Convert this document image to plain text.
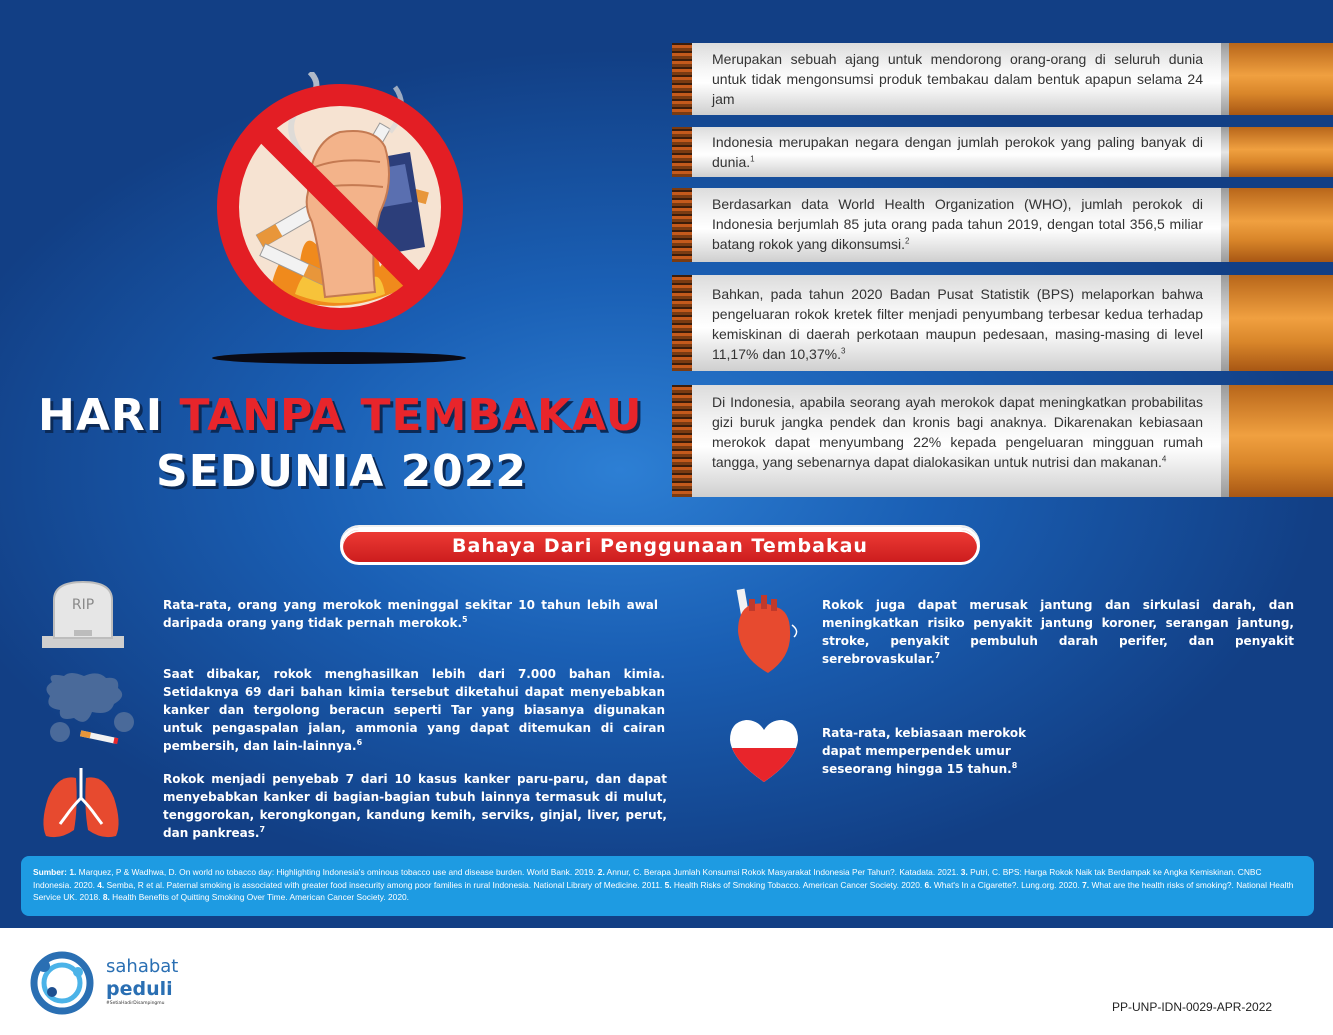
HARI TANPA TEMBAKAU
SEDUNIA 2022
Merupakan sebuah ajang untuk mendorong orang-orang di seluruh dunia untuk tidak mengonsumsi produk tembakau dalam bentuk apapun selama 24 jam
Indonesia merupakan negara dengan jumlah perokok yang paling banyak di dunia.$^1$
Berdasarkan data World Health Organization (WHO), jumlah perokok di Indonesia berjumlah 85 juta orang pada tahun 2019, dengan total 356,5 miliar batang rokok yang dikonsumsi.$^2$
Bahkan, pada tahun 2020 Badan Pusat Statistik (BPS) melaporkan bahwa pengeluaran rokok kretek filter menjadi penyumbang terbesar kedua terhadap kemiskinan di daerah perkotaan maupun pedesaan, masing-masing di level 11,17% dan 10,37%.$^3$
Di Indonesia, apabila seorang ayah merokok dapat meningkatkan probabilitas gizi buruk jangka pendek dan kronis bagi anaknya. Dikarenakan kebiasaan merokok dapat menyumbang 22% kepada pengeluaran mingguan rumah tangga, yang sebenarnya dapat dialokasikan untuk nutrisi dan makanan.$^4$
Bahaya Dari Penggunaan Tembakau
RIP	Rata-rata, orang yang merokok meninggal sekitar 10 tahun lebih awal daripada orang yang tidak pernah merokok.$^5$
Saat dibakar, rokok menghasilkan lebih dari 7.000 bahan kimia. Setidaknya 69 dari bahan kimia tersebut diketahui dapat menyebabkan kanker dan tergolong beracun seperti Tar yang biasanya digunakan untuk pengaspalan jalan, ammonia yang dapat ditemukan di cairan pembersih, dan lain-lainnya.$^6$
Rokok menjadi penyebab 7 dari 10 kasus kanker paru-paru, dan dapat menyebabkan kanker di bagian-bagian tubuh lainnya termasuk di mulut, tenggorokan, kerongkongan, kandung kemih, serviks, ginjal, liver, perut, dan pankreas.$^7$
Rokok juga dapat merusak jantung dan sirkulasi darah, dan meningkatkan risiko penyakit jantung koroner, serangan jantung, stroke, penyakit pembuluh darah perifer, dan penyakit serebrovaskular.$^7$
Rata-rata, kebiasaan merokok dapat memperpendek umur seseorang hingga 15 tahun.$^8$
Sumber: 1. Marquez, P & Wadhwa, D. On world no tobacco day: Highlighting Indonesia's ominous tobacco use and disease burden. World Bank. 2019. 2. Annur, C. Berapa Jumlah Konsumsi Rokok Masyarakat Indonesia Per Tahun?. Katadata. 2021. 3. Putri, C. BPS: Harga Rokok Naik tak Berdampak ke Angka Kemiskinan. CNBC Indonesia. 2020. 4. Semba, R et al. Paternal smoking is associated with greater food insecurity among poor families in rural Indonesia. National Library of Medicine. 2011. 5. Health Risks of Smoking Tobacco. American Cancer Society. 2020. 6. What's In a Cigarette?. Lung.org. 2020. 7. What are the health risks of smoking?. National Health Service UK. 2018. 8. Health Benefits of Quitting Smoking Over Time. American Cancer Society. 2020.
sahabat
peduli
#SetiaHadirDisampingmu	PP-UNP-IDN-0029-APR-2022
